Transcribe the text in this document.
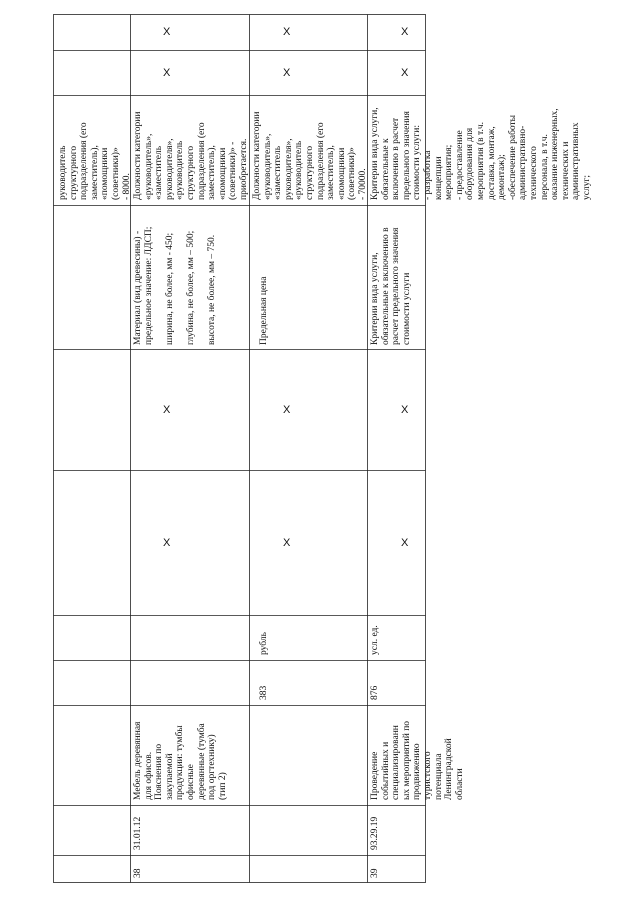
руководитель
структурного
подразделения (его
заместитель),
«помощники
(советники)»
- 8000.
38
31.01.12
Мебель деревянная
для офисов.
Пояснения по
закупаемой
продукции: тумбы
офисные
деревянные (тумба
под оргтехнику)
(тип 2)
X
X
Материал (вид древесины) -
предельное значение: ЛДСП;

ширина, не более, мм - 450;

глубина, не более, мм – 500;

высота, не более, мм – 750.
Должности категории
«руководитель»,
«заместитель
руководителя»,
«руководитель
структурного
подразделения (его
заместитель),
«помощники
(советники)» -
приобретается.
X
X
383
рубль
X
X
Предельная цена
Должности категории
«руководитель»,
«заместитель
руководителя»,
«руководитель
структурного
подразделения (его
заместитель),
«помощники
(советники)»
- 70000.
X
X
39
93.29.19
Проведение
событийных и
специализированн
ых мероприятий по
продвижению
туристского
потенциала
Ленинградской
области
876
усл. ед.
X
X
Критерии вида услуги,
обязательные к включению в
расчет предельного значения
стоимости услуги
Критерии вида услуги,
обязательные к
включению в расчет
предельного значения
стоимости услуги:
- разработка
концепции
мероприятия;
- предоставление
оборудования для
мероприятия (в т.ч.
доставка, монтаж,
демонтаж);
-обеспечение работы
административно-
технического
персонала, в т.ч.
оказание инженерных,
технических и
административных
услуг;
X
X
